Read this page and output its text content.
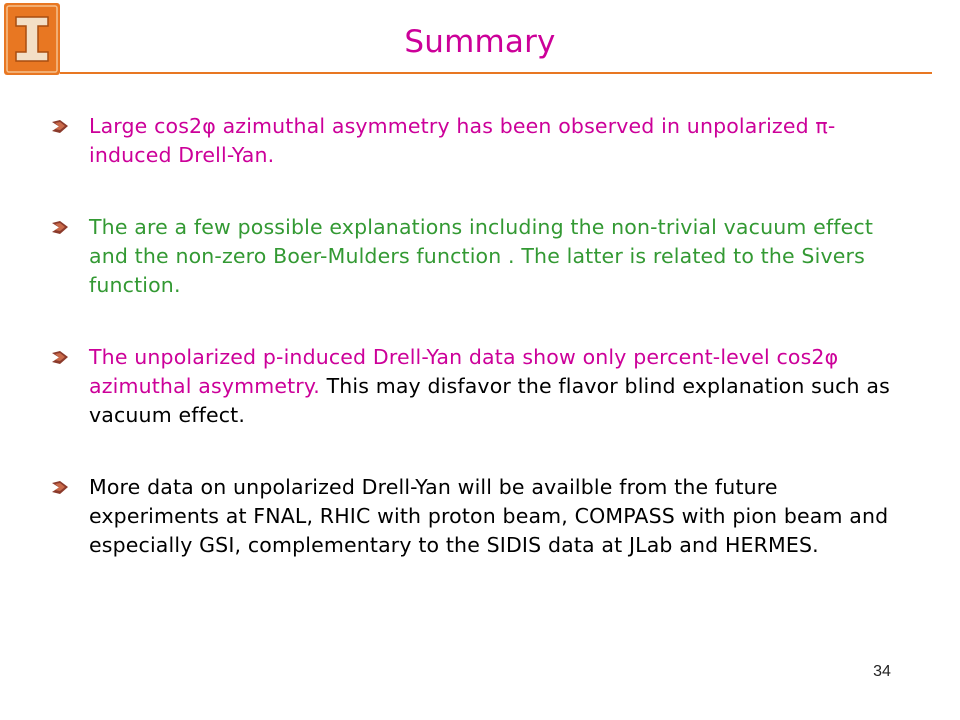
Summary
Large cos2φ azimuthal asymmetry has been observed in unpolarized π-induced Drell-Yan.
The are a few possible explanations including the non-trivial vacuum effect and the non-zero Boer-Mulders function . The latter is related to the Sivers function.
The unpolarized p-induced Drell-Yan data show only percent-level cos2φ azimuthal asymmetry. This may disfavor the flavor blind explanation such as vacuum effect.
More data on unpolarized Drell-Yan will be availble from the future experiments at FNAL, RHIC with proton beam, COMPASS with pion beam and especially GSI, complementary to the SIDIS data at JLab and HERMES.
34
